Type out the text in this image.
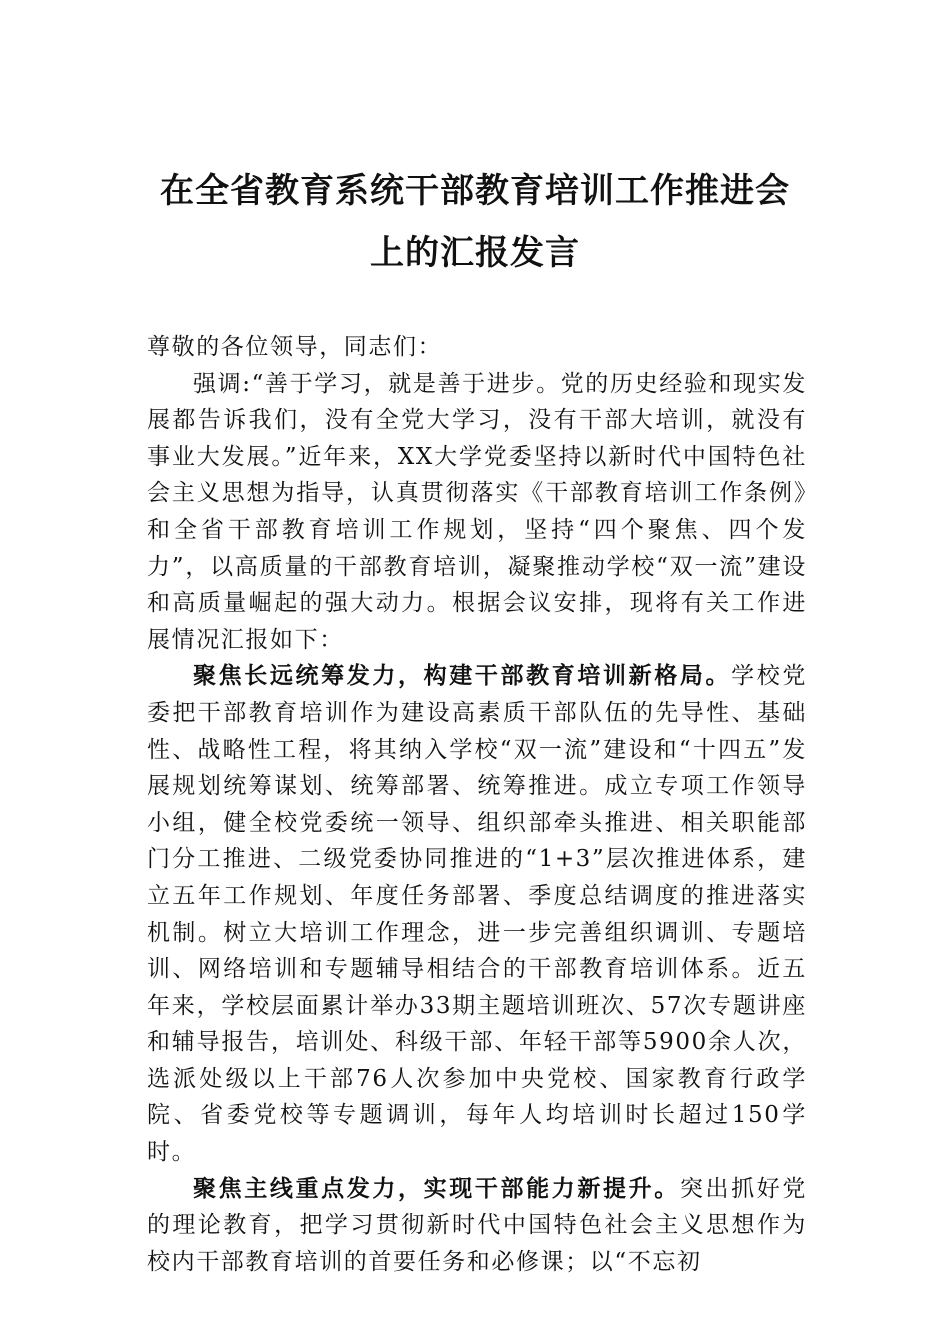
在全省教育系统干部教育培训工作推进会
上的汇报发言

尊敬的各位领导，同志们：

强调:“善于学习，就是善于进步。党的历史经验和现实发展都告诉我们，没有全党大学习，没有干部大培训，就没有事业大发展。”近年来，XX大学党委坚持以新时代中国特色社会主义思想为指导，认真贯彻落实《干部教育培训工作条例》和全省干部教育培训工作规划，坚持“四个聚焦、四个发力”，以高质量的干部教育培训，凝聚推动学校“双一流”建设和高质量崛起的强大动力。根据会议安排，现将有关工作进展情况汇报如下：

聚焦长远统筹发力，构建干部教育培训新格局。学校党委把干部教育培训作为建设高素质干部队伍的先导性、基础性、战略性工程，将其纳入学校“双一流”建设和“十四五”发展规划统筹谋划、统筹部署、统筹推进。成立专项工作领导小组，健全校党委统一领导、组织部牵头推进、相关职能部门分工推进、二级党委协同推进的“1+3”层次推进体系，建立五年工作规划、年度任务部署、季度总结调度的推进落实机制。树立大培训工作理念，进一步完善组织调训、专题培训、网络培训和专题辅导相结合的干部教育培训体系。近五年来，学校层面累计举办33期主题培训班次、57次专题讲座和辅导报告，培训处、科级干部、年轻干部等5900余人次，选派处级以上干部76人次参加中央党校、国家教育行政学院、省委党校等专题调训，每年人均培训时长超过150学时。

聚焦主线重点发力，实现干部能力新提升。突出抓好党的理论教育，把学习贯彻新时代中国特色社会主义思想作为校内干部教育培训的首要任务和必修课；以“不忘初
